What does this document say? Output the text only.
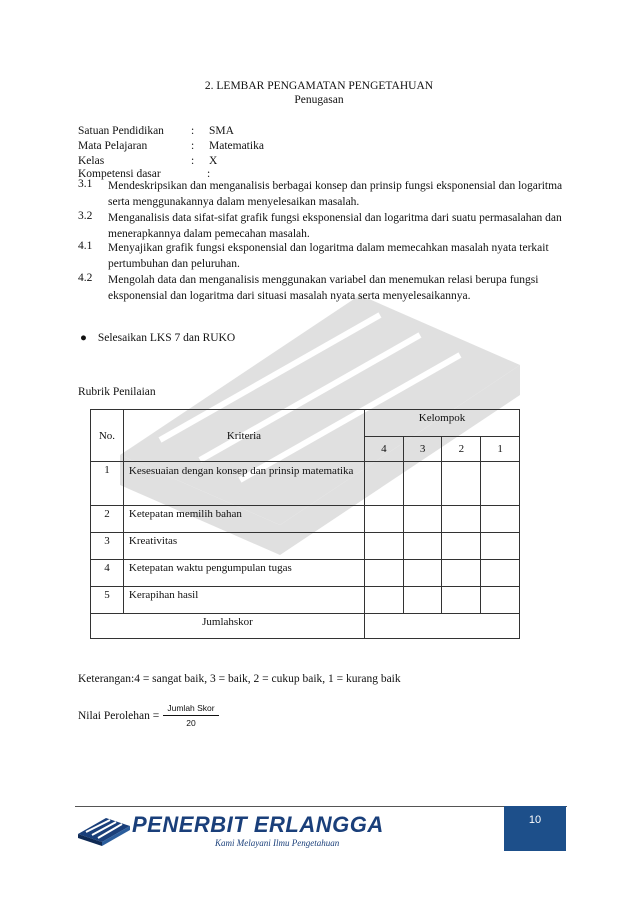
2. LEMBAR PENGAMATAN PENGETAHUAN
Penugasan
Satuan Pendidikan : SMA
Mata Pelajaran	: Matematika
Kelas	: X
Kompetensi dasar	:
3.1 Mendeskripsikan dan menganalisis berbagai konsep dan prinsip fungsi eksponensial dan logaritma serta menggunakannya dalam menyelesaikan masalah.
3.2 Menganalisis data sifat-sifat grafik fungsi eksponensial dan logaritma dari suatu permasalahan dan menerapkannya dalam pemecahan masalah.
4.1 Menyajikan grafik fungsi eksponensial dan logaritma dalam memecahkan masalah nyata terkait pertumbuhan dan peluruhan.
4.2 Mengolah data dan menganalisis menggunakan variabel dan menemukan relasi berupa fungsi eksponensial dan logaritma dari situasi masalah nyata serta menyelesaikannya.
● Selesaikan LKS 7 dan RUKO
Rubrik Penilaian
No.	Kriteria	Kelompok			
		4	3	2	1
1	Kesesuaian dengan konsep dan prinsip matematika				
2	Ketepatan memilih bahan				
3	Kreativitas				
4	Ketepatan waktu pengumpulan tugas				
5	Kerapihan hasil				
Jumlahskor					
Keterangan:4 = sangat baik, 3 = baik, 2 = cukup baik, 1 = kurang baik
Nilai Perolehan =
Jumlah Skor
20
10
PENERBIT ERLANGGA
Kami Melayani Ilmu Pengetahuan
